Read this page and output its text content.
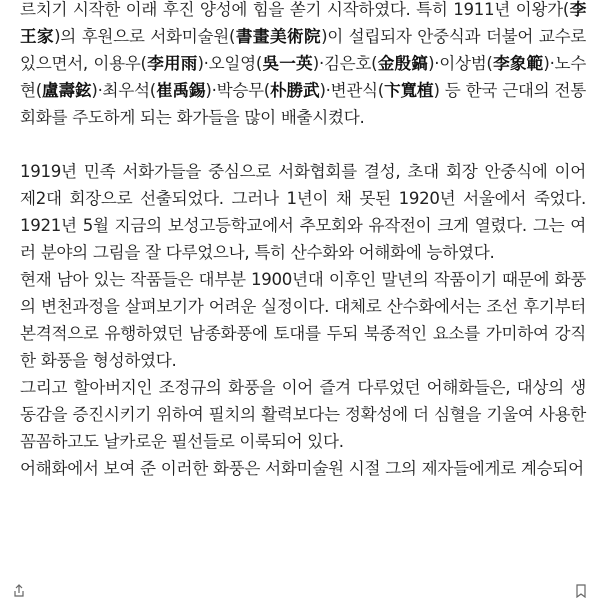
르치기 시작한 이래 후진 양성에 힘을 쏟기 시작하였다. 특히 1911년 이왕가(李王家)의 후원으로 서화미술원(書畫美術院)이 설립되자 안중식과 더불어 교수로 있으면서, 이용우(李用雨)·오일영(吳一英)·김은호(金殷鎬)·이상범(李象範)·노수현(盧壽鉉)·최우석(崔禹錫)·박승무(朴勝武)·변관식(卞寬植) 등 한국 근대의 전통 회화를 주도하게 되는 화가들을 많이 배출시켰다.

1919년 민족 서화가들을 중심으로 서화협회를 결성, 초대 회장 안중식에 이어 제2대 회장으로 선출되었다. 그러나 1년이 채 못된 1920년 서울에서 죽었다. 1921년 5월 지금의 보성고등학교에서 추모회와 유작전이 크게 열렸다. 그는 여러 분야의 그림을 잘 다루었으나, 특히 산수화와 어해화에 능하였다.

현재 남아 있는 작품들은 대부분 1900년대 이후인 말년의 작품이기 때문에 화풍의 변천과정을 살펴보기가 어려운 실정이다. 대체로 산수화에서는 조선 후기부터 본격적으로 유행하였던 남종화풍에 토대를 두되 북종적인 요소를 가미하여 강직한 화풍을 형성하였다.

그리고 할아버지인 조정규의 화풍을 이어 즐겨 다루었던 어해화들은, 대상의 생동감을 증진시키기 위하여 필치의 활력보다는 정확성에 더 심혈을 기울여 사용한 꼼꼼하고도 날카로운 필선들로 이룩되어 있다.

어해화에서 보여 준 이러한 화풍은 서화미술원 시절 그의 제자들에게로 계승되어
